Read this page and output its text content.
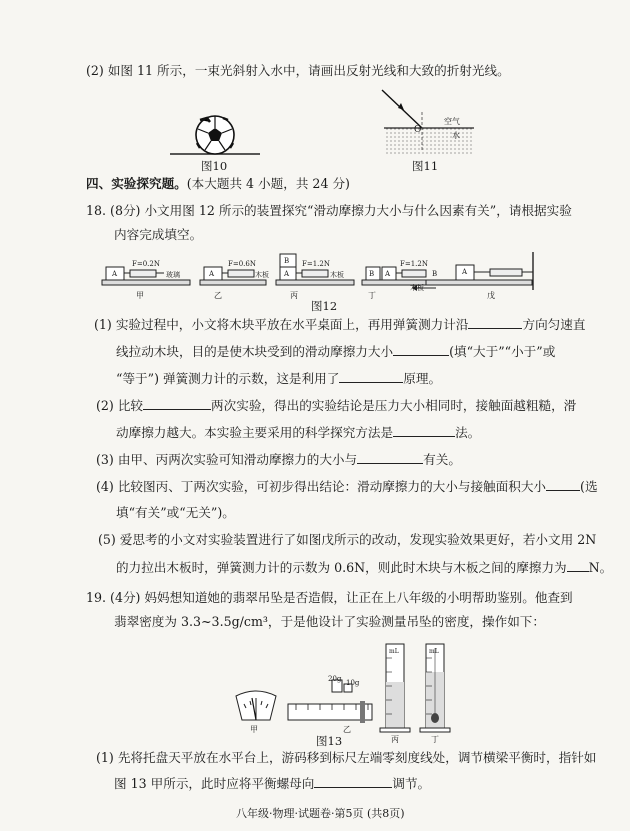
(2) 如图 11 所示，一束光斜射入水中，请画出反射光线和大致的折射光线。
图10
O
空气
水
图11
四、实验探究题。(本大题共 4 小题，共 24 分)
18. (8分) 小文用图 12 所示的装置探究“滑动摩擦力大小与什么因素有关”，请根据实验
内容完成填空。
A
F=0.2N
玻璃	A
F=0.6N
木板
B
A
F=1.2N
木板	B A
F=1.2N
木板
B	A
甲	乙	丙	丁	戊
图12
(1) 实验过程中，小文将木块平放在水平桌面上，再用弹簧测力计沿	方向匀速直
线拉动木块，目的是使木块受到的滑动摩擦力大小	(填“大于”“小于”或
“等于”) 弹簧测力计的示数，这是利用了	原理。
(2) 比较	两次实验，得出的实验结论是压力大小相同时，接触面越粗糙，滑
动摩擦力越大。本实验主要采用的科学探究方法是	法。
(3) 由甲、丙两次实验可知滑动摩擦力的大小与	有关。
(4) 比较图丙、丁两次实验，可初步得出结论：滑动摩擦力的大小与接触面积大小	(选
填“有关”或“无关”)。
(5) 爱思考的小文对实验装置进行了如图戊所示的改动，发现实验效果更好，若小文用 2N
的力拉出木板时，弹簧测力计的示数为 0.6N，则此时木块与木板之间的摩擦力为 N。
19. (4分) 妈妈想知道她的翡翠吊坠是否造假，让正在上八年级的小明帮助鉴别。他查到
翡翠密度为 3.3~3.5g/cm³，于是他设计了实验测量吊坠的密度，操作如下：
20g 10g
mL	mL
甲	乙
丙	丁
图13
(1) 先将托盘天平放在水平台上，游码移到标尺左端零刻度线处，调节横梁平衡时，指针如
图 13 甲所示，此时应将平衡螺母向	调节。
八年级·物理·试题卷·第5页 (共8页)
